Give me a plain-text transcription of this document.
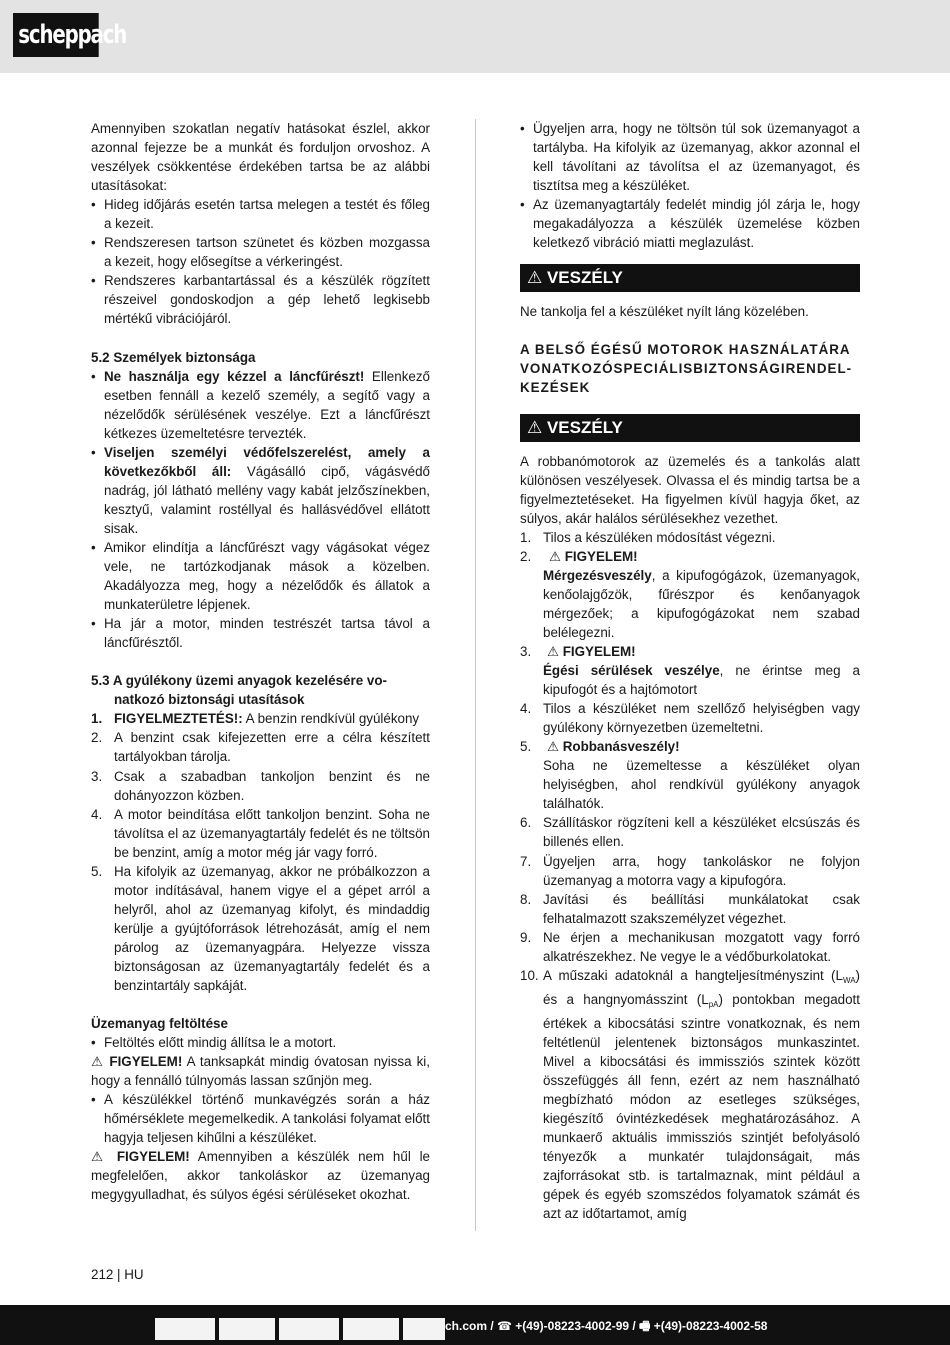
scheppach

Amennyiben szokatlan negatív hatásokat észlel, akkor azonnal fejezze be a munkát és forduljon orvoshoz. A veszélyek csökkentése érdekében tartsa be az alábbi utasításokat:

• Hideg időjárás esetén tartsa melegen a testét és főleg a kezeit.
• Rendszeresen tartson szünetet és közben mozgassa a kezeit, hogy elősegítse a vérkeringést.
• Rendszeres karbantartással és a készülék rögzített részeivel gondoskodjon a gép lehető legkisebb mértékű vibrációjáról.
5.2 Személyek biztonsága
• Ne használja egy kézzel a láncfűrészt! Ellenkező esetben fennáll a kezelő személy, a segítő vagy a nézelődők sérülésének veszélye. Ezt a láncfűrészt kétkezes üzemeltetésre tervezték.
• Viseljen személyi védőfelszerelést, amely a következőkből áll: Vágásálló cipő, vágásvédő nadrág, jól látható mellény vagy kabát jelzőszínekben, kesztyű, valamint rostéllyal és hallásvédővel ellátott sisak.
• Amikor elindítja a láncfűrészt vagy vágásokat végez vele, ne tartózkodjanak mások a közelben. Akadályozza meg, hogy a nézelődők és állatok a munkaterületre lépjenek.
• Ha jár a motor, minden testrészét tartsa távol a láncfűrésztől.
5.3 A gyúlékony üzemi anyagok kezelésére vo-
natkozó biztonsági utasítások
1. FIGYELMEZTETÉS!: A benzin rendkívül gyúlékony
2. A benzint csak kifejezetten erre a célra készített tartályokban tárolja.
3. Csak a szabadban tankoljon benzint és ne dohányozzon közben.
4. A motor beindítása előtt tankoljon benzint. Soha ne távolítsa el az üzemanyagtartály fedelét és ne töltsön be benzint, amíg a motor még jár vagy forró.
5. Ha kifolyik az üzemanyag, akkor ne próbálkozzon a motor indításával, hanem vigye el a gépet arról a helyről, ahol az üzemanyag kifolyt, és mindaddig kerülje a gyújtóforrások létrehozását, amíg el nem párolog az üzemanyagpára. Helyezze vissza biztonságosan az üzemanyagtartály fedelét és a benzintartály sapkáját.
Üzemanyag feltöltése
• Feltöltés előtt mindig állítsa le a motort.

⚠ FIGYELEM! A tanksapkát mindig óvatosan nyissa ki, hogy a fennálló túlnyomás lassan szűnjön meg.

• A készülékkel történő munkavégzés során a ház hőmérséklete megemelkedik. A tankolási folyamat előtt hagyja teljesen kihűlni a készüléket.

⚠ FIGYELEM! Amennyiben a készülék nem hűl le megfelelően, akkor tankoláskor az üzemanyag megygyulladhat, és súlyos égési sérüléseket okozhat.

• Ügyeljen arra, hogy ne töltsön túl sok üzemanyagot a tartályba. Ha kifolyik az üzemanyag, akkor azonnal el kell távolítani az távolítsa el az üzemanyagot, és tisztítsa meg a készüléket.
• Az üzemanyagtartály fedelét mindig jól zárja le, hogy megakadályozza a készülék üzemelése közben keletkező vibráció miatti meglazulást.
⚠ VESZÉLY

Ne tankolja fel a készüléket nyílt láng közelében.

A BELSŐ ÉGÉSŰ MOTOROK HASZNÁLATÁRA
VONATKOZÓSPECIÁLISBIZTONSÁGIRENDEL-
KEZÉSEK
⚠ VESZÉLY

A robbanómotorok az üzemelés és a tankolás alatt különösen veszélyesek. Olvassa el és mindig tartsa be a figyelmeztetéseket. Ha figyelmen kívül hagyja őket, az súlyos, akár halálos sérülésekhez vezethet.

1. Tilos a készüléken módosítást végezni.
2. ⚠ FIGYELEM!
Mérgezésveszély, a kipufogógázok, üzemanyagok, kenőolajgőzök, fűrészpor és kenőanyagok mérgezőek; a kipufogógázokat nem szabad belélegezni.
3. ⚠ FIGYELEM!
Égési sérülések veszélye, ne érintse meg a kipufogót és a hajtómotort
4. Tilos a készüléket nem szellőző helyiségben vagy gyúlékony környezetben üzemeltetni.
5. ⚠ Robbanásveszély!
Soha ne üzemeltesse a készüléket olyan helyiségben, ahol rendkívül gyúlékony anyagok találhatók.
6. Szállításkor rögzíteni kell a készüléket elcsúszás és billenés ellen.
7. Ügyeljen arra, hogy tankoláskor ne folyjon üzemanyag a motorra vagy a kipufogóra.
8. Javítási és beállítási munkálatokat csak felhatalmazott szakszemélyzet végezhet.
9. Ne érjen a mechanikusan mozgatott vagy forró alkatrészekhez. Ne vegye le a védőburkolatokat.
10. A műszaki adatoknál a hangteljesítményszint $(L_{WA})$ és a hangnyomásszint $(L_{pA})$ pontokban megadott értékek a kibocsátási szintre vonatkoznak, és nem feltétlenül jelentenek biztonságos munkaszintet. Mivel a kibocsátási és immissziós szintek között összefüggés áll fenn, ezért az nem használható megbízható módon az esetleges szükséges, kiegészítő óvintézkedések meghatározásához. A munkaerő aktuális immissziós szintjét befolyásoló tényezők a munkatér tulajdonságait, más zajforrásokat stb. is tartalmaznak, mint például a gépek és egyéb szomszédos folyamatok számát és azt az időtartamot, amíg
212 | HU
ch.com / ☎ +(49)-08223-4002-99 / 🖷 +(49)-08223-4002-58
